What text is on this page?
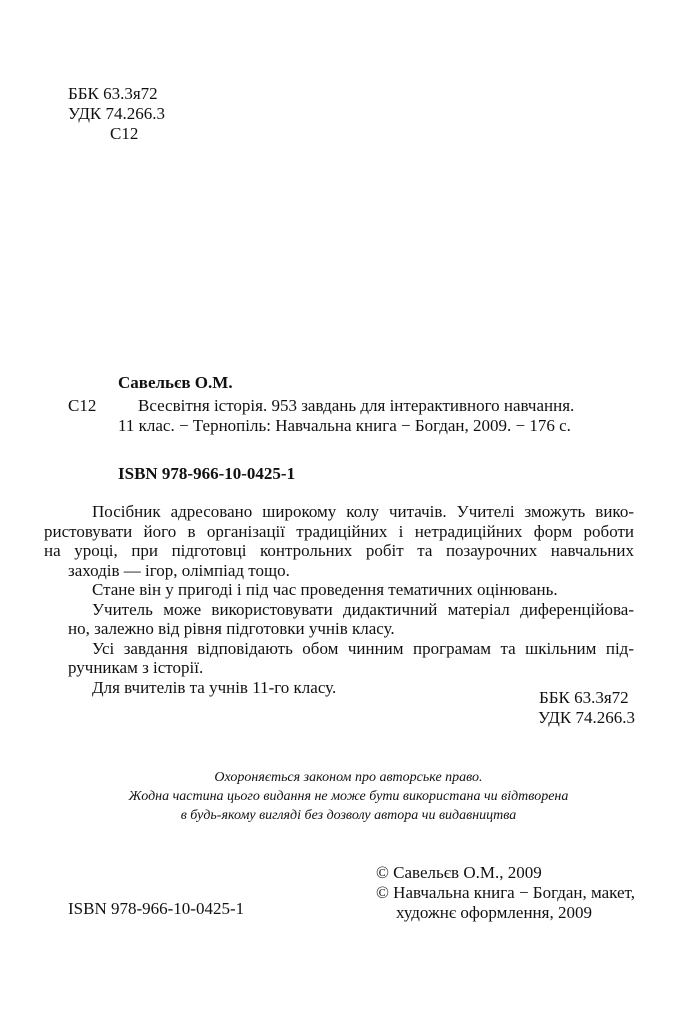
ББК 63.3я72
УДК 74.266.3
С12
Савельєв О.М.
С12	Всесвітня історія. 953 завдань для інтерактивного навчання. 11 клас. − Тернопіль: Навчальна книга − Богдан, 2009. − 176 с.
ISBN 978-966-10-0425-1

Посібник адресовано широкому колу читачів. Учителі зможуть вико-
ристовувати його в організації традиційних і нетрадиційних форм роботи
на уроці, при підготовці контрольних робіт та позаурочних навчальних

заходів — ігор, олімпіад тощо.

Стане він у пригоді і під час проведення тематичних оцінювань.

Учитель може використовувати дидактичний матеріал диференційова-

но, залежно від рівня підготовки учнів класу.

Усі завдання відповідають обом чинним програмам та шкільним під-

ручникам з історії.

Для вчителів та учнів 11-го класу.

ББК 63.3я72
УДК 74.266.3
Охороняється законом про авторське право.
Жодна частина цього видання не може бути використана чи відтворена
в будь-якому вигляді без дозволу автора чи видавництва
© Савельєв О.М., 2009
© Навчальна книга − Богдан, макет,
художнє оформлення, 2009
ISBN 978-966-10-0425-1
